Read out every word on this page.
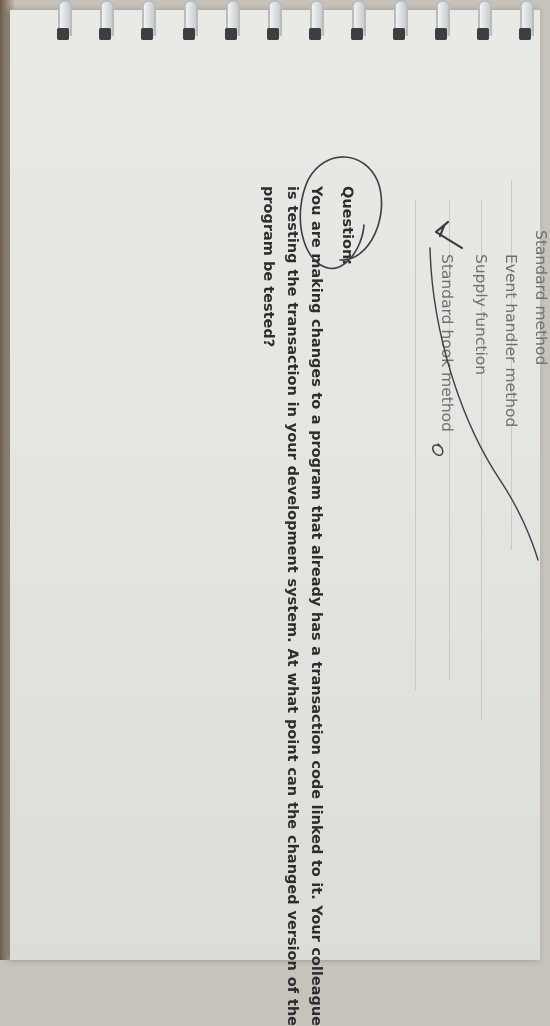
Standard method
Event handler method
Supply function
Standard hook method
Question:
You are making changes to a program that already has a transaction code linked to it. Your colleague is testing the transaction in your development system. At what point can the changed version of the program be tested?
